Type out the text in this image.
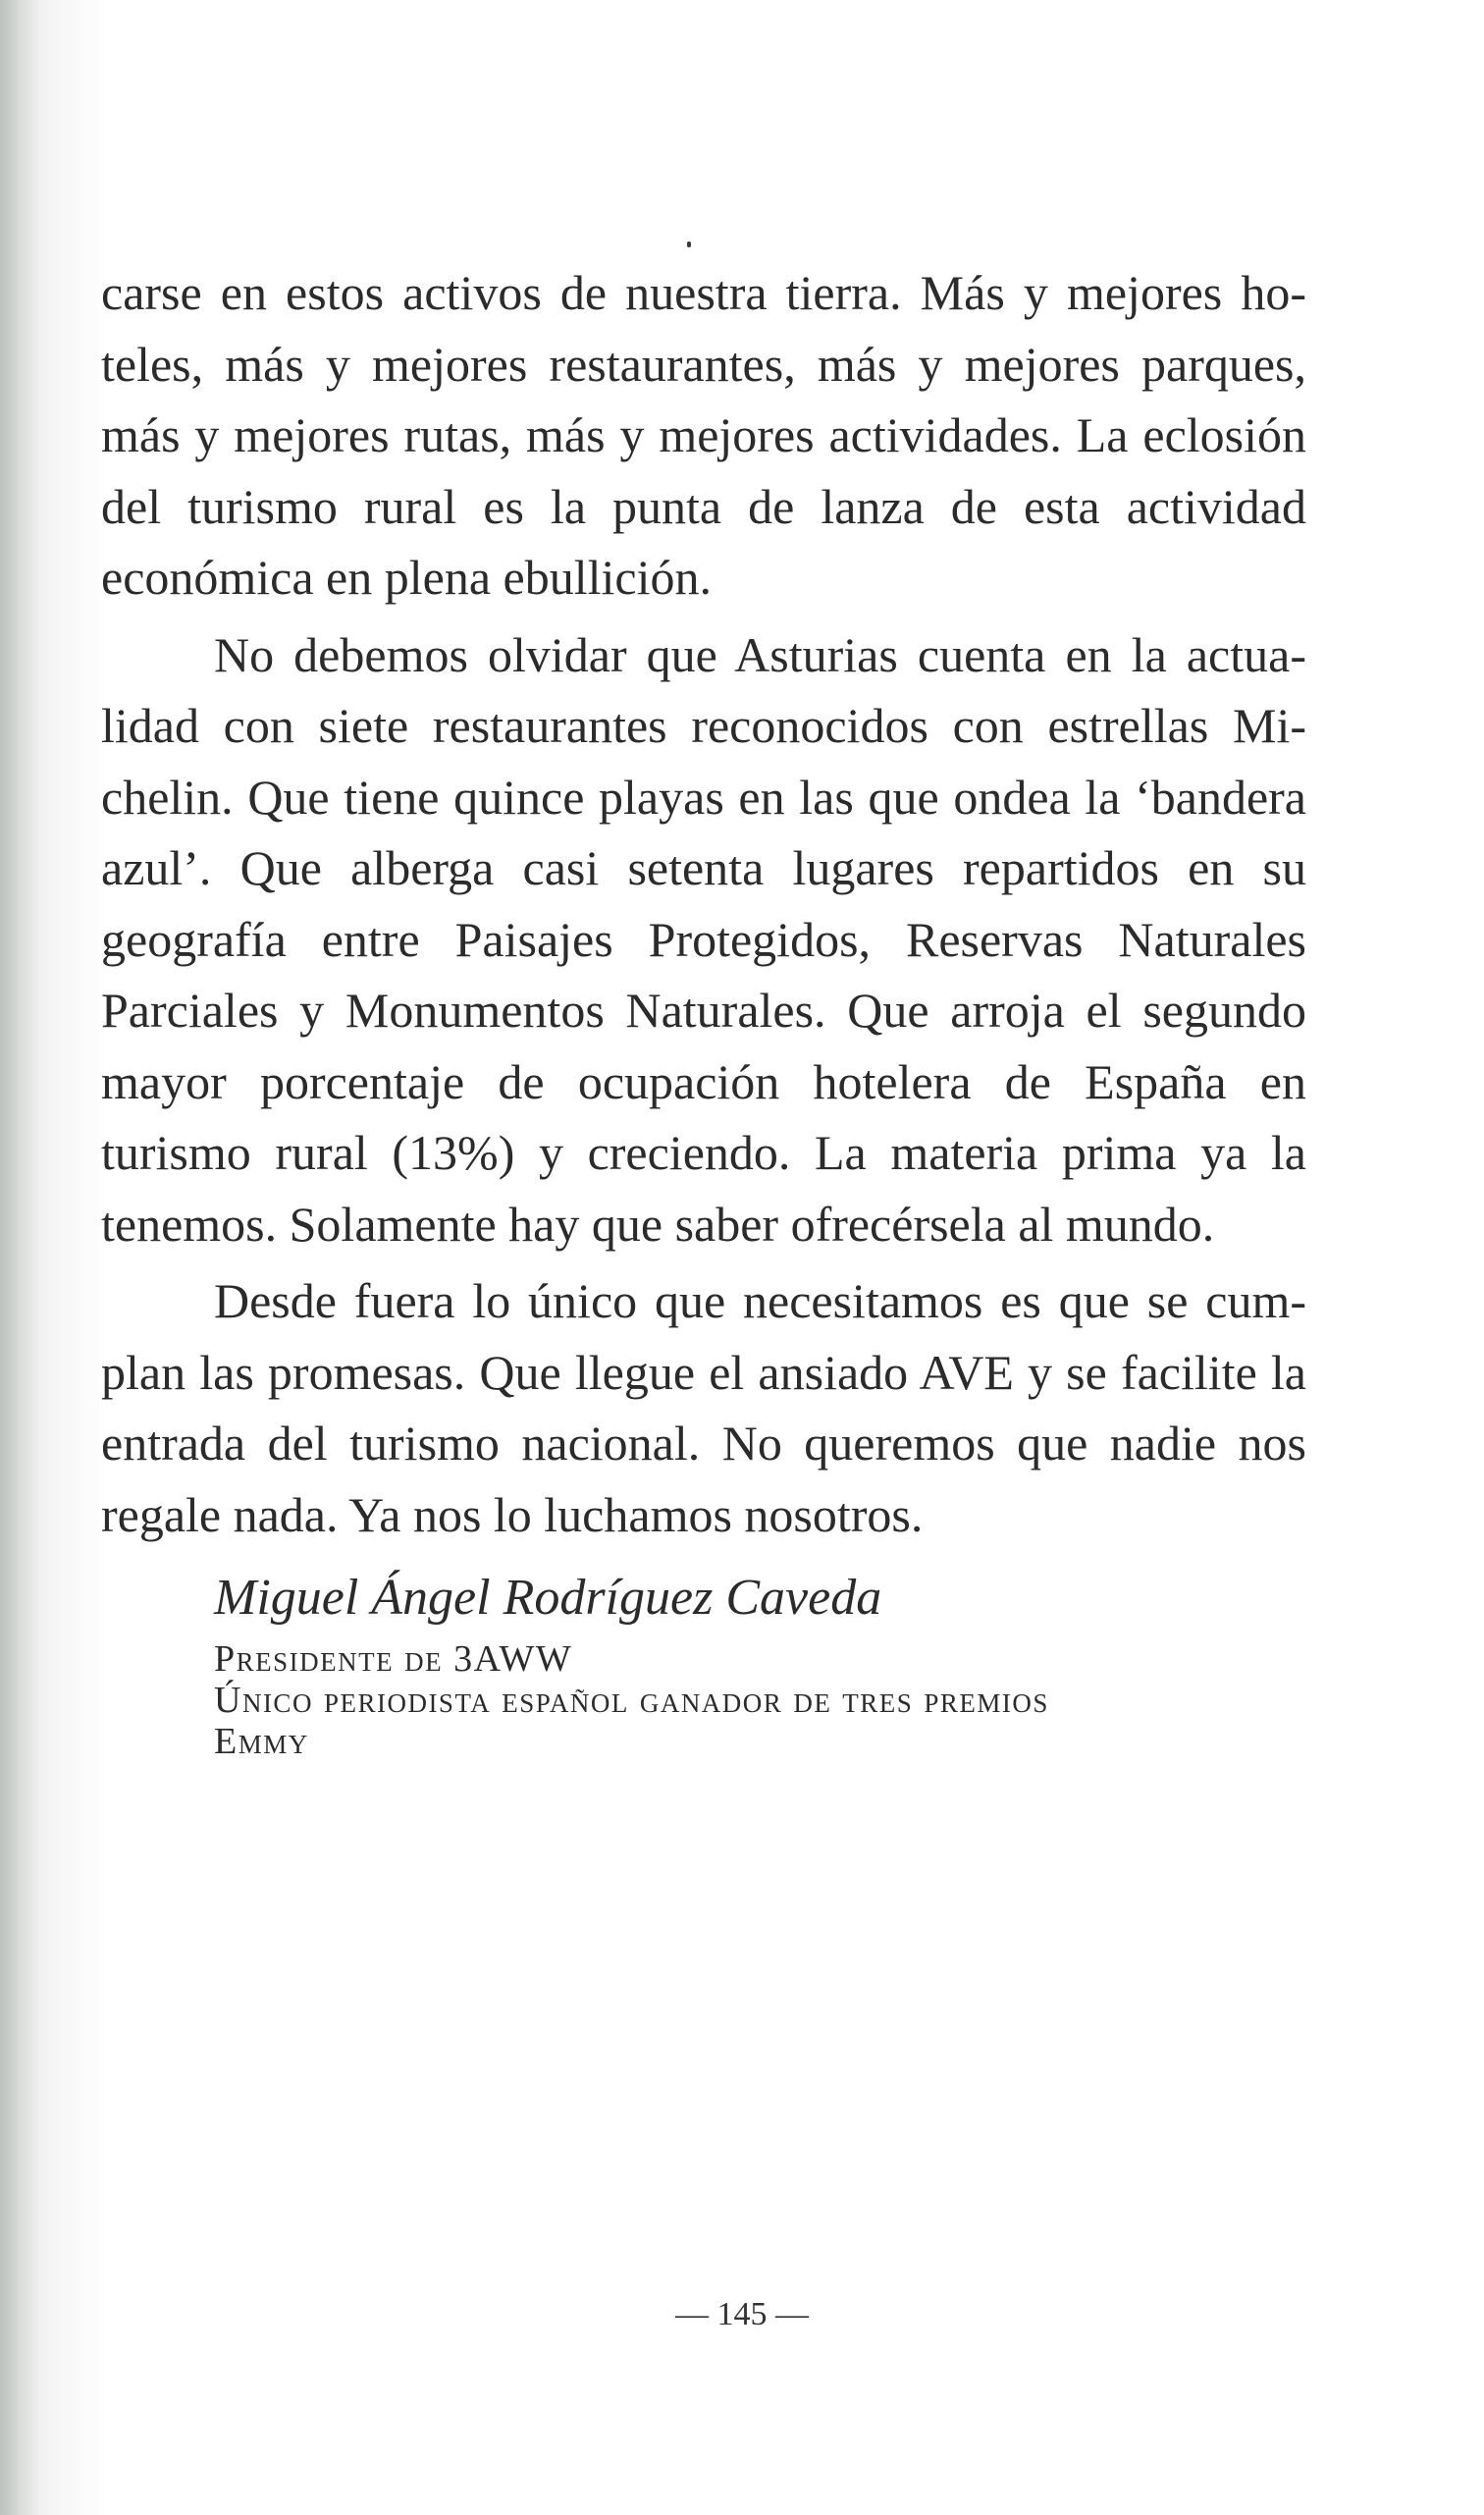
carse en estos activos de nuestra tierra. Más y mejores hoteles, más y mejores restaurantes, más y mejores parques, más y mejores rutas, más y mejores actividades. La eclosión del turismo rural es la punta de lanza de esta actividad económica en plena ebullición.

No debemos olvidar que Asturias cuenta en la actualidad con siete restaurantes reconocidos con estrellas Michelin. Que tiene quince playas en las que ondea la ‘bandera azul’. Que alberga casi setenta lugares repartidos en su geografía entre Paisajes Protegidos, Reservas Naturales Parciales y Monumentos Naturales. Que arroja el segundo mayor porcentaje de ocupación hotelera de España en turismo rural (13%) y creciendo. La materia prima ya la tenemos. Solamente hay que saber ofrecérsela al mundo.

Desde fuera lo único que necesitamos es que se cumplan las promesas. Que llegue el ansiado AVE y se facilite la entrada del turismo nacional. No queremos que nadie nos regale nada. Ya nos lo luchamos nosotros.

Miguel Ángel Rodríguez Caveda

Presidente de 3AWW

Único periodista español ganador de tres premios

Emmy

— 145 —
